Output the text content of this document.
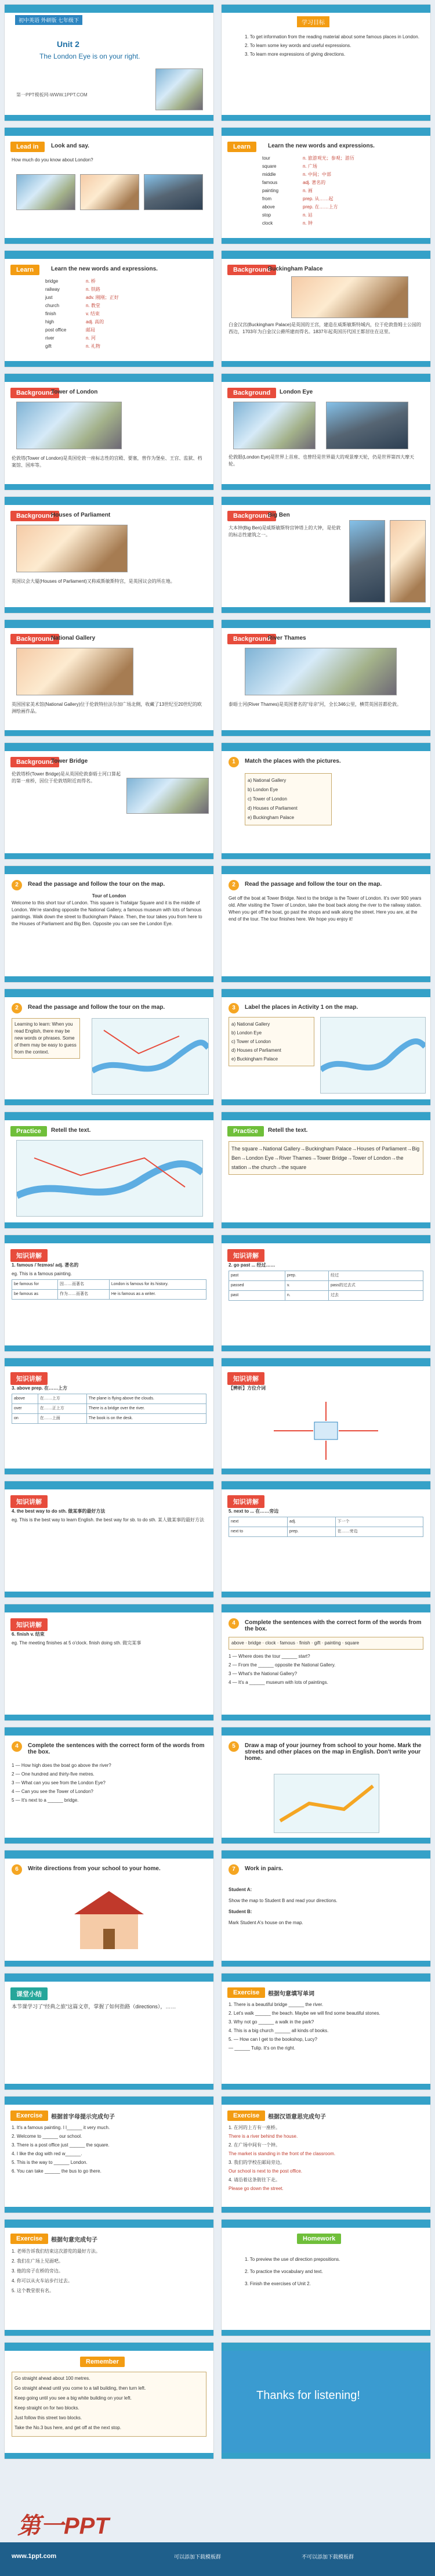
初中英语 外研版 七年级下
Unit 2
The London Eye is on your right.
第一PPT模板网-WWW.1PPT.COM
学习目标

1. To get information from the reading material about some famous places in London.

2. To learn some key words and useful expressions.

3. To learn more expressions of giving directions.

Lead in	Look and say.
How much do you know about London?
Learn	Learn the new words and expressions.
tour	n. 旅游观光；参观；游历
square	n. 广场
middle	n. 中间；中部
famous	adj. 著名的
painting	n. 画
from	prep. 从……起
above	prep. 在……上方
stop	n. 站
clock	n. 钟
Learn	Learn the new words and expressions.
bridge	n. 桥
railway	n. 铁路
just	adv. 刚刚；正好
church	n. 教堂
finish	v. 结束
high	adj. 高的
post office	邮局
river	n. 河
gift	n. 礼物
Background
Buckingham Palace
白金汉宫(Buckingham Palace)是英国的王宫，建造在威斯敏斯特城内，位于伦敦詹姆士公园的西边，1703年为白金汉公爵所建而得名。1837年起英国历代国王都居住在这里。
Background
Tower of London
伦敦塔(Tower of London)是英国伦敦一座标志性的宫殿、要塞，曾作为堡垒、王宫、监狱、档案馆、国库等。
Background	London Eye
伦敦眼(London Eye)是世界上首座、也曾经是世界最大的观景摩天轮，仍是世界第四大摩天轮。
Background
Houses of Parliament
英国议会大厦(Houses of Parliament)又称威斯敏斯特宫，是英国议会的所在地。
Background
Big Ben
大本钟(Big Ben)是威斯敏斯特宫钟塔上的大钟，是伦敦的标志性建筑之一。
Background
National Gallery
英国国家美术馆(National Gallery)位于伦敦特拉法尔加广场北侧，收藏了13世纪至20世纪的欧洲绘画作品。
Background
River Thames
泰晤士河(River Thames)是英国著名的"母亲"河，全长346公里，横贯英国首都伦敦。
Background
Tower Bridge
伦敦塔桥(Tower Bridge)是从英国伦敦泰晤士河口算起的第一座桥，因位于伦敦塔附近而得名。
1	Match the places with the pictures.
a) National Gallery
b) London Eye
c) Tower of London
d) Houses of Parliament
e) Buckingham Palace
2	Read the passage and follow the tour on the map.
Tour of London

Welcome to this short tour of London. This square is Trafalgar Square and it is the middle of London. We're standing opposite the National Gallery, a famous museum with lots of famous paintings. Walk down the street to Buckingham Palace. Then, the tour takes you from here to the Houses of Parliament and Big Ben. Opposite you can see the London Eye.

2	Read the passage and follow the tour on the map.
Get off the boat at Tower Bridge. Next to the bridge is the Tower of London. It's over 900 years old. After visiting the Tower of London, take the boat back along the river to the railway station. When you get off the boat, go past the shops and walk along the street. Here you are, at the end of the tour. The tour finishes here. We hope you enjoy it!
2	Read the passage and follow the tour on the map.
Learning to learn: When you read English, there may be new words or phrases. Some of them may be easy to guess from the context.
3	Label the places in Activity 1 on the map.
a) National Gallery
b) London Eye
c) Tower of London
d) Houses of Parliament
e) Buckingham Palace
Practice	Retell the text.	Practice	Retell the text.
The square→National Gallery→Buckingham Palace→Houses of Parliament→Big Ben→London Eye→River Thames→Tower Bridge→Tower of London→the station→the church→the square
知识讲解

1. famous /ˈfeɪməs/ adj. 著名的

eg. This is a famous painting.

be famous for	因……而著名	London is famous for its history.
be famous as	作为……而著名	He is famous as a writer.
知识讲解

2. go past ... 经过……

past	prep.	经过
passed	v.	pass的过去式
past	n.	过去
知识讲解

3. above prep. 在……上方

above	在……上方	The plane is flying above the clouds.
over	在……正上方	There is a bridge over the river.
on	在……上面	The book is on the desk.
知识讲解

【辨析】方位介词

知识讲解

4. the best way to do sth. 做某事的最好方法

eg. This is the best way to learn English. the best way for sb. to do sth. 某人做某事的最好方法

知识讲解

5. next to ... 在……旁边

next	adj.	下一个
next to	prep.	在……旁边
知识讲解

6. finish v. 结束

eg. The meeting finishes at 5 o'clock. finish doing sth. 做完某事

4	Complete the sentences with the correct form of the words from the box.
above · bridge · clock · famous · finish · gift · painting · square

1 — Where does the tour ______ start?

2 — From the ______ opposite the National Gallery.

3 — What's the National Gallery?

4 — It's a ______ museum with lots of paintings.

4	Complete the sentences with the correct form of the words from the box.

1 — How high does the boat go above the river?

2 — One hundred and thirty-five metres.

3 — What can you see from the London Eye?

4 — Can you see the Tower of London?

5 — It's next to a ______ bridge.

5	Draw a map of your journey from school to your home. Mark the streets and other places on the map in English. Don't write your home.
6	Write directions from your school to your home.	7	Work in pairs.

Student A:

Show the map to Student B and read your directions.

Student B:

Mark Student A's house on the map.

课堂小结
本节课学习了"经典之旅"这篇文章，掌握了如何指路（directions），……
Exercise	根据句意填写单词

1. There is a beautiful bridge ______ the river.

2. Let's walk ______ the beach. Maybe we will find some beautiful stones.

3. Why not go ______ a walk in the park?

4. This is a big church ______ all kinds of books.

5. — How can I get to the bookshop, Lucy?

— ______ Tulip. It's on the right.

Exercise	根据首字母提示完成句子

1. It's a famous painting. I l______ it very much.

2. Welcome to ______ our school.

3. There is a post office just ______ the square.

4. I like the dog with red w______.

5. This is the way to ______ London.

6. You can take ______ the bus to go there.

Exercise	根据汉语意思完成句子

1. 在河的上方有一座桥。

There is a river behind the house.

2. 在广场中间有一个钟。

The market is standing in the front of the classroom.

3. 我们的学校在邮局旁边。

Our school is next to the post office.

4. 请沿着这条街往下走。

Please go down the street.

Exercise	根据句意完成句子

1. 老师告诉我们结束这次游览的最好方法。

2. 我们在广场上见面吧。

3. 他的房子在桥的旁边。

4. 你可以从火车站步行过去。

5. 这个教堂很有名。

Homework

1. To preview the use of direction prepositions.

2. To practice the vocabulary and text.

3. Finish the exercises of Unit 2.

Remember

Go straight ahead about 100 metres.

Go straight ahead until you come to a tall building, then turn left.

Keep going until you see a big white building on your left.

Keep straight on for two blocks.

Just follow this street two blocks.

Take the No.3 bus here, and get off at the next stop.

Thanks for listening!
第一PPT
www.1ppt.com	可以添加下载模板群	不可以添加下载模板群
